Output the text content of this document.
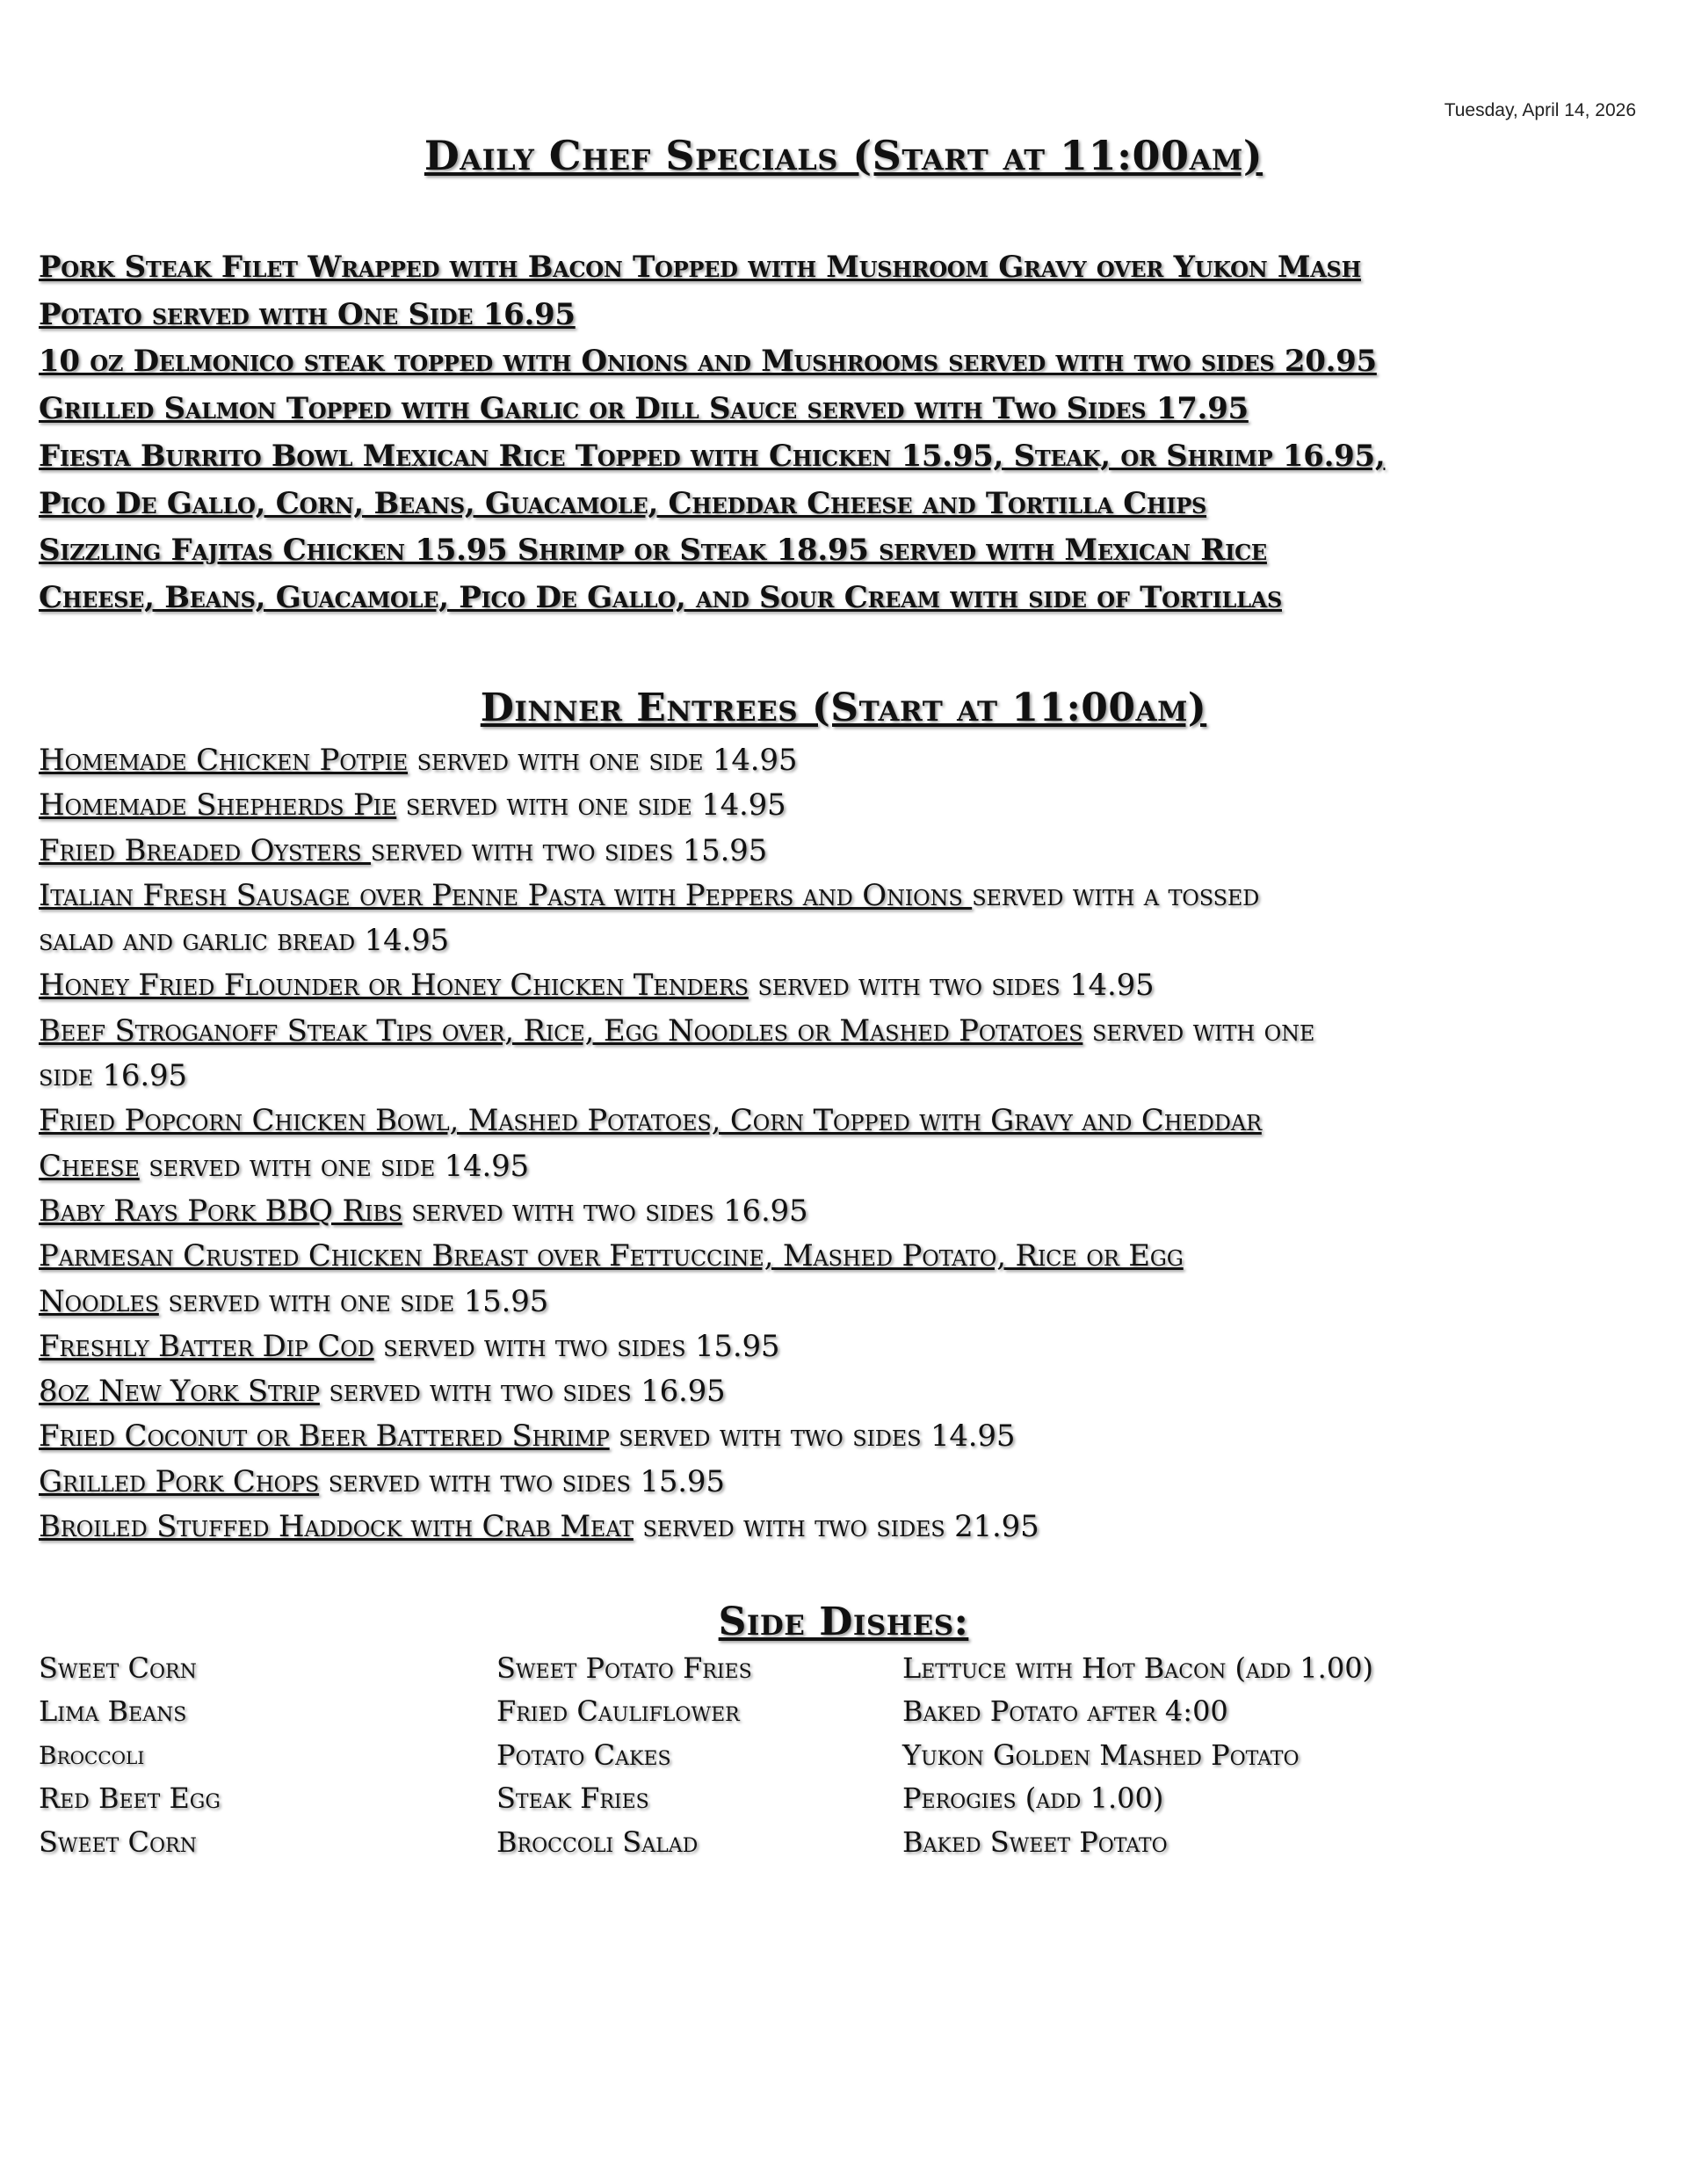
Tuesday, April 14, 2026
Daily Chef Specials (Start at 11:00am)
Pork Steak Filet Wrapped with Bacon Topped with Mushroom Gravy over Yukon Mash
Potato served with One Side 16.95
10 oz Delmonico steak topped with Onions and Mushrooms served with two sides 20.95
Grilled Salmon Topped with Garlic or Dill Sauce served with Two Sides 17.95
Fiesta Burrito Bowl Mexican Rice Topped with Chicken 15.95, Steak, or Shrimp 16.95,
Pico De Gallo, Corn, Beans, Guacamole, Cheddar Cheese and Tortilla Chips
Sizzling Fajitas Chicken 15.95 Shrimp or Steak 18.95 served with Mexican Rice
Cheese, Beans, Guacamole, Pico De Gallo, and Sour Cream with side of Tortillas
Dinner Entrees (Start at 11:00am)
Homemade Chicken Potpie served with one side 14.95
Homemade Shepherds Pie served with one side 14.95
Fried Breaded Oysters served with two sides 15.95
Italian Fresh Sausage over Penne Pasta with Peppers and Onions served with a tossed
salad and garlic bread 14.95
Honey Fried Flounder or Honey Chicken Tenders served with two sides 14.95
Beef Stroganoff Steak Tips over, Rice, Egg Noodles or Mashed Potatoes served with one
side 16.95
Fried Popcorn Chicken Bowl, Mashed Potatoes, Corn Topped with Gravy and Cheddar
Cheese served with one side 14.95
Baby Rays Pork BBQ Ribs served with two sides 16.95
Parmesan Crusted Chicken Breast over Fettuccine, Mashed Potato, Rice or Egg
Noodles served with one side 15.95
Freshly Batter Dip Cod served with two sides 15.95
8oz New York Strip served with two sides 16.95
Fried Coconut or Beer Battered Shrimp served with two sides 14.95
Grilled Pork Chops served with two sides 15.95
Broiled Stuffed Haddock with Crab Meat served with two sides 21.95
Side Dishes:
Sweet Corn
Lima Beans
Broccoli
Red Beet Egg
Sweet Corn
Sweet Potato Fries
Fried Cauliflower
Potato Cakes
Steak Fries
Broccoli Salad
Lettuce with Hot Bacon (add 1.00)
Baked Potato after 4:00
Yukon Golden Mashed Potato
Perogies (add 1.00)
Baked Sweet Potato
